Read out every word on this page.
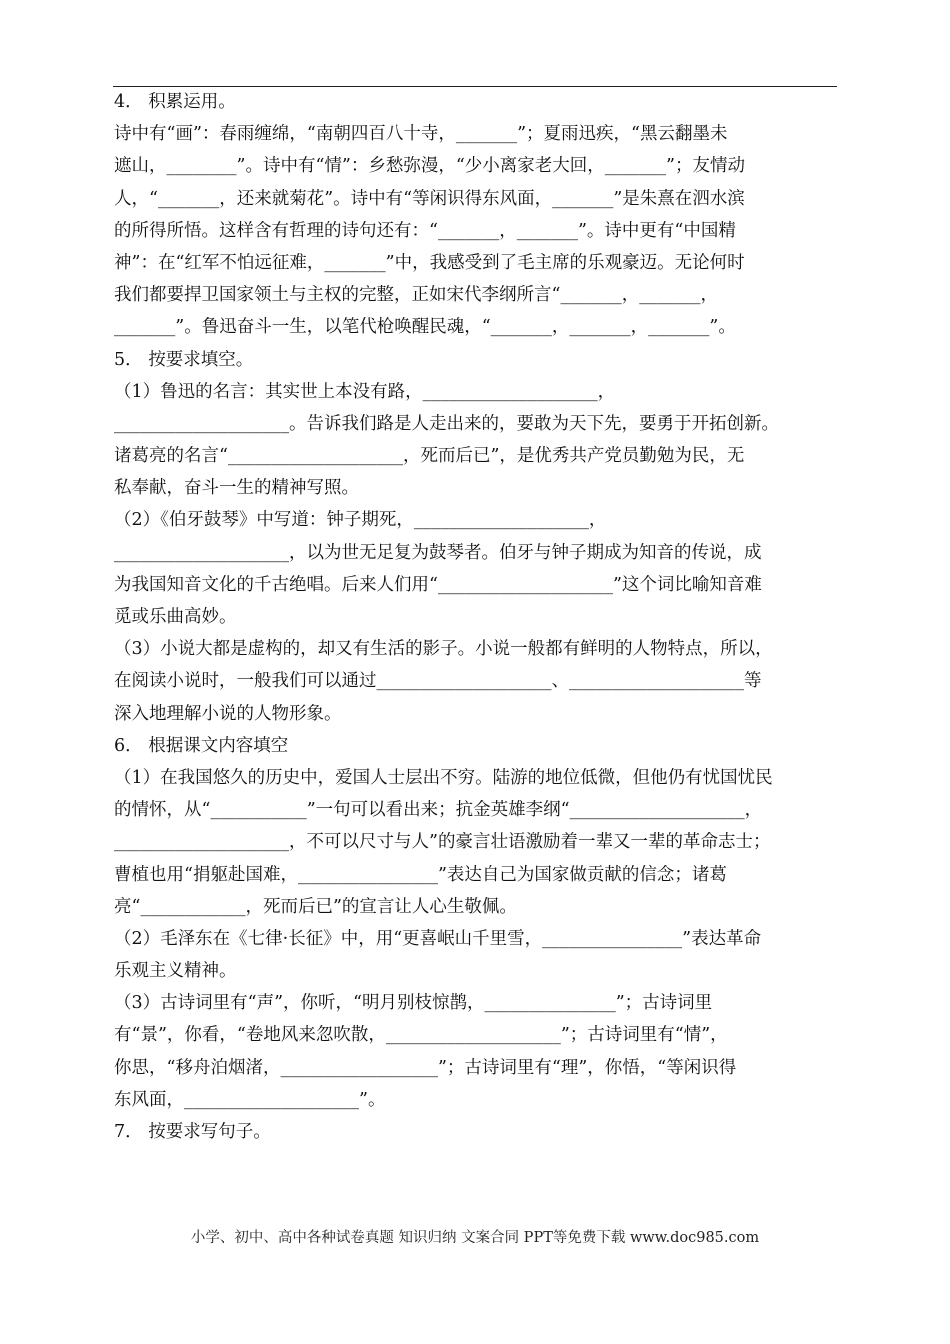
4． 积累运用。
诗中有“画”：春雨缠绵，“南朝四百八十寺，_______”；夏雨迅疾，“黑云翻墨未
遮山，________”。诗中有“情”：乡愁弥漫，“少小离家老大回，_______”；友情动
人，“_______，还来就菊花”。诗中有“等闲识得东风面，_______”是朱熹在泗水滨
的所得所悟。这样含有哲理的诗句还有：“_______，_______”。诗中更有“中国精
神”：在“红军不怕远征难，_______”中，我感受到了毛主席的乐观豪迈。无论何时
我们都要捍卫国家领土与主权的完整，正如宋代李纲所言“_______，_______，
_______”。鲁迅奋斗一生，以笔代枪唤醒民魂，“_______，_______，_______”。
5． 按要求填空。
（1）鲁迅的名言：其实世上本没有路，____________________，
____________________。告诉我们路是人走出来的，要敢为天下先，要勇于开拓创新。
诸葛亮的名言“____________________，死而后已”，是优秀共产党员勤勉为民，无
私奉献，奋斗一生的精神写照。
（2）《伯牙鼓琴》中写道：钟子期死，____________________，
____________________，以为世无足复为鼓琴者。伯牙与钟子期成为知音的传说，成
为我国知音文化的千古绝唱。后来人们用“____________________”这个词比喻知音难
觅或乐曲高妙。
（3）小说大都是虚构的，却又有生活的影子。小说一般都有鲜明的人物特点，所以，
在阅读小说时，一般我们可以通过____________________、____________________等
深入地理解小说的人物形象。
6． 根据课文内容填空
（1）在我国悠久的历史中，爱国人士层出不穷。陆游的地位低微，但他仍有忧国忧民
的情怀，从“___________”一句可以看出来；抗金英雄李纲“____________________，
____________________，不可以尺寸与人”的豪言壮语激励着一辈又一辈的革命志士；
曹植也用“捐躯赴国难，________________”表达自己为国家做贡献的信念；诸葛
亮“____________，死而后已”的宣言让人心生敬佩。
（2）毛泽东在《七律·长征》中，用“更喜岷山千里雪，________________”表达革命
乐观主义精神。
（3）古诗词里有“声”，你听，“明月别枝惊鹊，_______________”；古诗词里
有“景”，你看，“卷地风来忽吹散，____________________”；古诗词里有“情”，
你思，“移舟泊烟渚，__________________”；古诗词里有“理”，你悟，“等闲识得
东风面，____________________”。
7． 按要求写句子。
小学、初中、高中各种试卷真题 知识归纳 文案合同 PPT等免费下载 www.doc985.com
